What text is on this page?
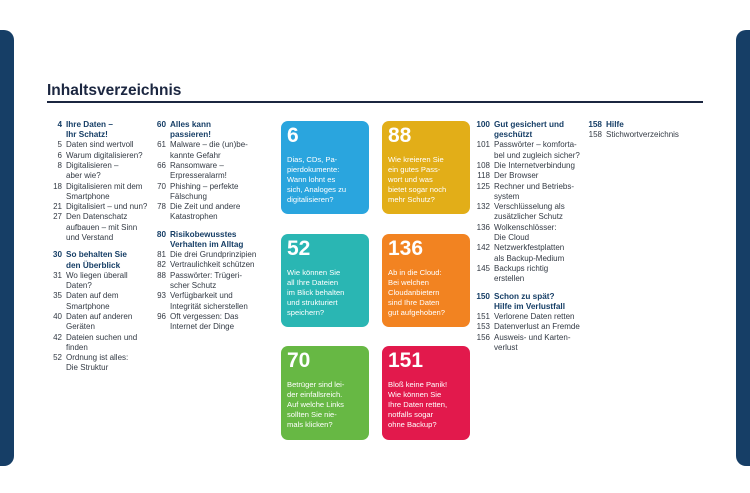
Inhaltsverzeichnis
4 Ihre Daten –
Ihr Schatz!
5 Daten sind wertvoll
6 Warum digitalisieren?
8 Digitalisieren –
aber wie?
18 Digitalisieren mit dem
Smartphone
21 Digitalisiert – und nun?
27 Den Datenschatz
aufbauen – mit Sinn
und Verstand
30 So behalten Sie
den Überblick
31 Wo liegen überall
Daten?
35 Daten auf dem
Smartphone
40 Daten auf anderen
Geräten
42 Dateien suchen und
finden
52 Ordnung ist alles:
Die Struktur
60 Alles kann
passieren!
61 Malware – die (un)be-
kannte Gefahr
66 Ransomware –
Erpresseralarm!
70 Phishing – perfekte
Fälschung
78 Die Zeit und andere
Katastrophen
80 Risikobewusstes
Verhalten im Alltag
81 Die drei Grundprinzipien
82 Vertraulichkeit schützen
88 Passwörter: Trügeri-
scher Schutz
93 Verfügbarkeit und
Integrität sicherstellen
96 Oft vergessen: Das
Internet der Dinge
100 Gut gesichert und
geschützt
101 Passwörter – komforta-
bel und zugleich sicher?
108 Die Internetverbindung
118 Der Browser
125 Rechner und Betriebs-
system
132 Verschlüsselung als
zusätzlicher Schutz
136 Wolkenschlösser:
Die Cloud
142 Netzwerkfestplatten
als Backup-Medium
145 Backups richtig
erstellen
150 Schon zu spät?
Hilfe im Verlustfall
151 Verlorene Daten retten
153 Datenverlust an Fremde
156 Ausweis- und Karten-
verlust
158 Hilfe
158 Stichwortverzeichnis
6
Dias, CDs, Pa-
pierdokumente:
Wann lohnt es
sich, Analoges zu
digitalisieren?
88
Wie kreieren Sie
ein gutes Pass-
wort und was
bietet sogar noch
mehr Schutz?
52
Wie können Sie
all Ihre Dateien
im Blick behalten
und strukturiert
speichern?
136
Ab in die Cloud:
Bei welchen
Cloudanbietern
sind Ihre Daten
gut aufgehoben?
70
Betrüger sind lei-
der einfallsreich.
Auf welche Links
sollten Sie nie-
mals klicken?
151
Bloß keine Panik!
Wie können Sie
Ihre Daten retten,
notfalls sogar
ohne Backup?
